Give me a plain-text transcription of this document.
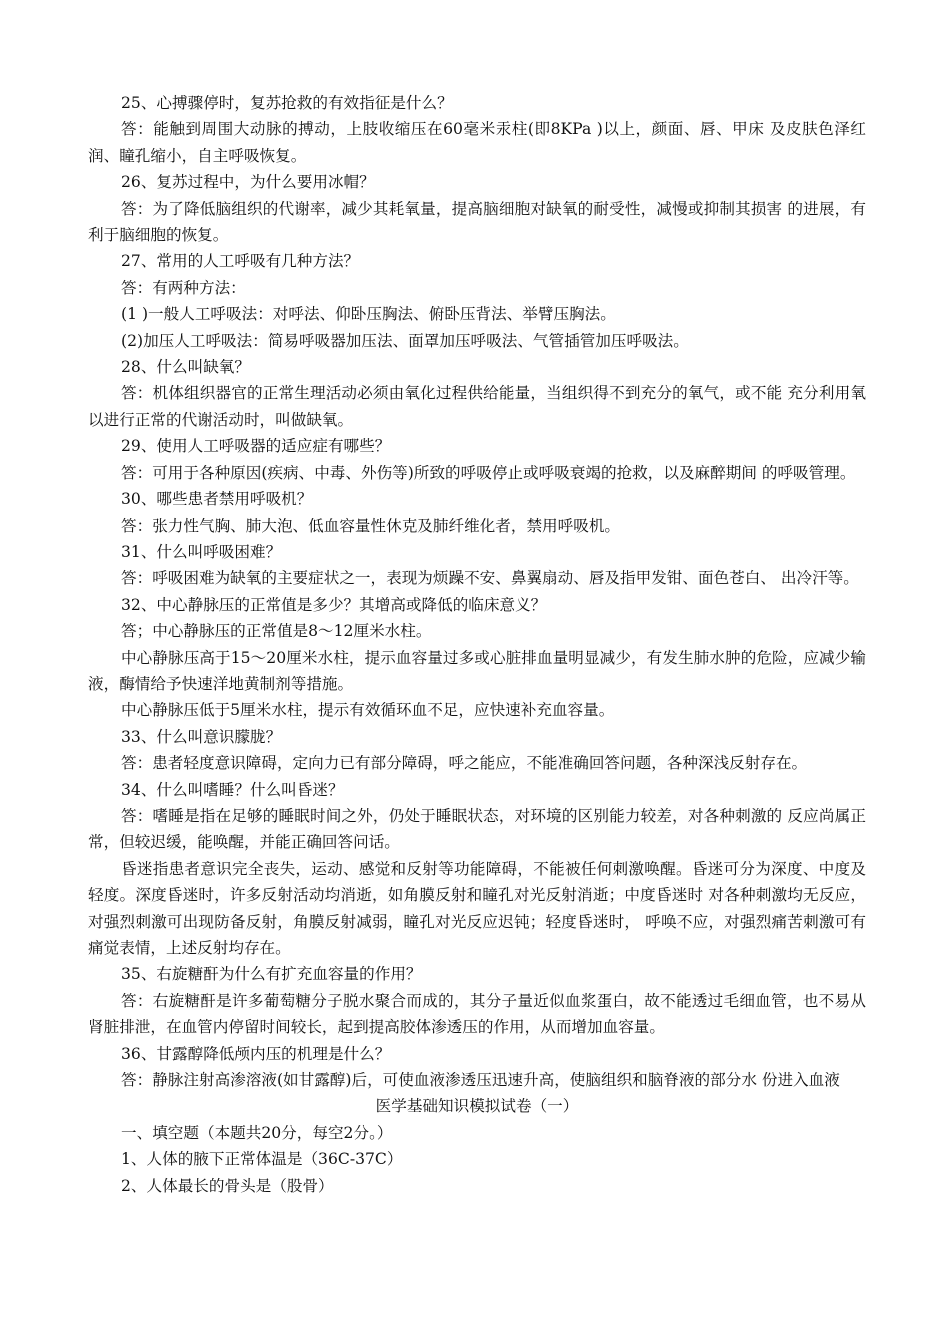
25、心搏骤停时，复苏抢救的有效指征是什么？

答：能触到周围大动脉的搏动，上肢收缩压在60毫米汞柱(即8KPa )以上，颜面、唇、甲床 及皮肤色泽红润、瞳孔缩小，自主呼吸恢复。

26、复苏过程中，为什么要用冰帽？

答：为了降低脑组织的代谢率，减少其耗氧量，提高脑细胞对缺氧的耐受性，减慢或抑制其损害 的进展，有利于脑细胞的恢复。

27、常用的人工呼吸有几种方法？

答：有两种方法：

(1 )一般人工呼吸法：对呼法、仰卧压胸法、俯卧压背法、举臂压胸法。

(2)加压人工呼吸法：简易呼吸器加压法、面罩加压呼吸法、气管插管加压呼吸法。

28、什么叫缺氧？

答：机体组织器官的正常生理活动必须由氧化过程供给能量，当组织得不到充分的氧气，或不能 充分利用氧以进行正常的代谢活动时，叫做缺氧。

29、使用人工呼吸器的适应症有哪些？

答：可用于各种原因(疾病、中毒、外伤等)所致的呼吸停止或呼吸衰竭的抢救，以及麻醉期间 的呼吸管理。

30、哪些患者禁用呼吸机？

答：张力性气胸、肺大泡、低血容量性休克及肺纤维化者，禁用呼吸机。

31、什么叫呼吸困难？

答：呼吸困难为缺氧的主要症状之一，表现为烦躁不安、鼻翼扇动、唇及指甲发钳、面色苍白、 出冷汗等。

32、中心静脉压的正常值是多少？其增高或降低的临床意义？

答；中心静脉压的正常值是8〜12厘米水柱。

中心静脉压高于15〜20厘米水柱，提示血容量过多或心脏排血量明显减少，有发生肺水肿的危险，应减少输液，酶情给予快速洋地黄制剂等措施。

中心静脉压低于5厘米水柱，提示有效循环血不足，应快速补充血容量。

33、什么叫意识朦胧？

答：患者轻度意识障碍，定向力已有部分障碍，呼之能应，不能准确回答问题，各种深浅反射存在。

34、什么叫嗜睡？什么叫昏迷？

答：嗜睡是指在足够的睡眠时间之外，仍处于睡眠状态，对环境的区别能力较差，对各种刺激的 反应尚属正常，但较迟缓，能唤醒，并能正确回答问话。

昏迷指患者意识完全丧失，运动、感觉和反射等功能障碍，不能被任何刺激唤醒。昏迷可分为深度、中度及轻度。深度昏迷时，许多反射活动均消逝，如角膜反射和瞳孔对光反射消逝；中度昏迷时 对各种刺激均无反应，对强烈刺激可出现防备反射，角膜反射减弱，瞳孔对光反应迟钝；轻度昏迷时， 呼唤不应，对强烈痛苦刺激可有痛觉表情，上述反射均存在。

35、右旋糖酐为什么有扩充血容量的作用？

答：右旋糖酐是许多葡萄糖分子脱水聚合而成的，其分子量近似血浆蛋白，故不能透过毛细血管，也不易从肾脏排泄，在血管内停留时间较长，起到提高胶体渗透压的作用，从而增加血容量。

36、甘露醇降低颅内压的机理是什么？

答：静脉注射高渗溶液(如甘露醇)后，可使血液渗透压迅速升高，使脑组织和脑脊液的部分水 份进入血液

医学基础知识模拟试卷（一）

一、填空题（本题共20分，每空2分。）

1、人体的腋下正常体温是（36C-37C）

2、人体最长的骨头是（股骨）
